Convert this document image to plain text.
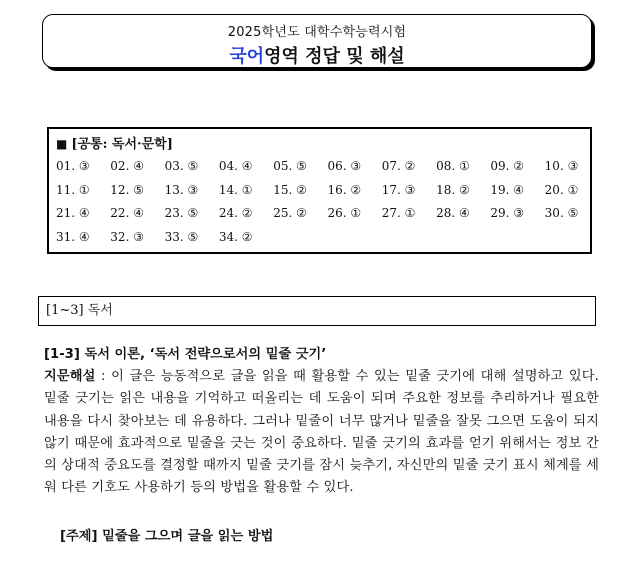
2025학년도 대학수학능력시험
국어영역 정답 및 해설
■ [공통: 독서·문학]
01. ③	02. ④	03. ⑤	04. ④	05. ⑤	06. ③	07. ②	08. ①	09. ②	10. ③
11. ①	12. ⑤	13. ③	14. ①	15. ②	16. ②	17. ③	18. ②	19. ④	20. ①
21. ④	22. ④	23. ⑤	24. ②	25. ②	26. ①	27. ①	28. ④	29. ③	30. ⑤
31. ④	32. ③	33. ⑤	34. ②
[1~3] 독서
[1-3] 독서 이론, ‘독서 전략으로서의 밑줄 긋기’
지문해설 : 이 글은 능동적으로 글을 읽을 때 활용할 수 있는 밑줄 긋기에 대해 설명하고 있다. 밑줄 긋기는 읽은 내용을 기억하고 떠올리는 데 도움이 되며 주요한 정보를 추리하거나 필요한 내용을 다시 찾아보는 데 유용하다. 그러나 밑줄이 너무 많거나 밑줄을 잘못 그으면 도움이 되지 않기 때문에 효과적으로 밑줄을 긋는 것이 중요하다. 밑줄 긋기의 효과를 얻기 위해서는 정보 간의 상대적 중요도를 결정할 때까지 밑줄 긋기를 잠시 늦추기, 자신만의 밑줄 긋기 표시 체계를 세워 다른 기호도 사용하기 등의 방법을 활용할 수 있다.
[주제] 밑줄을 그으며 글을 읽는 방법
